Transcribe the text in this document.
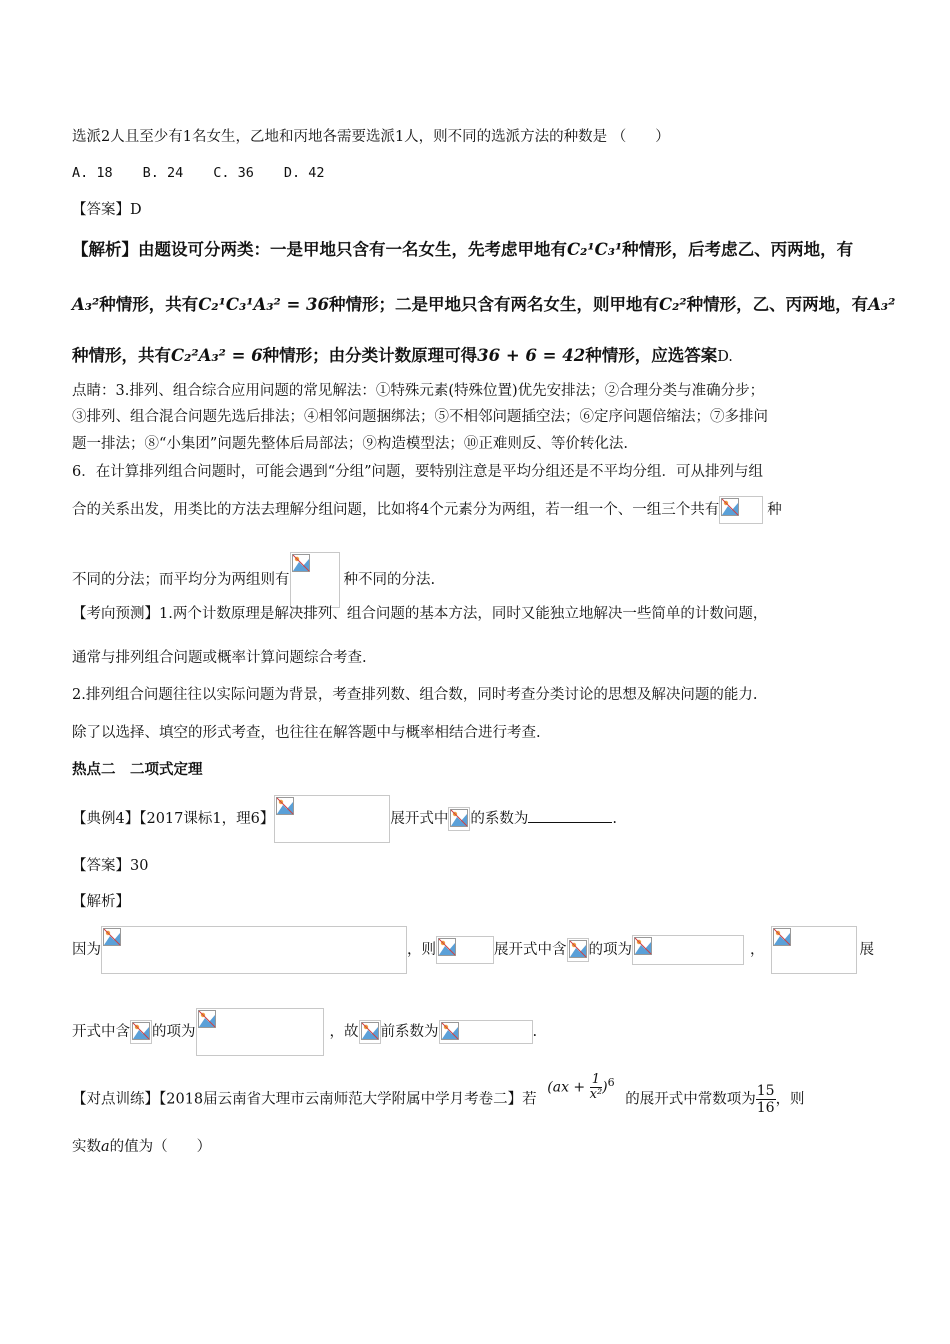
选派2人且至少有1名女生，乙地和丙地各需要选派1人，则不同的选派方法的种数是 （　　）
A. 18 B. 24 C. 36 D. 42
【答案】D
【解析】由题设可分两类：一是甲地只含有一名女生，先考虑甲地有C₂¹C₃¹种情形，后考虑乙、丙两地，有
A₃²种情形，共有C₂¹C₃¹A₃² = 36种情形；二是甲地只含有两名女生，则甲地有C₂²种情形，乙、丙两地，有A₃²
种情形，共有C₂²A₃² = 6种情形；由分类计数原理可得36 + 6 = 42种情形，应选答案D.
点睛：3.排列、组合综合应用问题的常见解法：①特殊元素(特殊位置)优先安排法；②合理分类与准确分步；
③排列、组合混合问题先选后排法；④相邻问题捆绑法；⑤不相邻问题插空法；⑥定序问题倍缩法；⑦多排问
题一排法；⑧“小集团”问题先整体后局部法；⑨构造模型法；⑩正难则反、等价转化法.
6．在计算排列组合问题时，可能会遇到“分组”问题，要特别注意是平均分组还是不平均分组．可从排列与组
合的关系出发，用类比的方法去理解分组问题，比如将4个元素分为两组，若一组一个、一组三个共有	种
不同的分法；而平均分为两组则有	种不同的分法.
【考向预测】1.两个计数原理是解决排列、组合问题的基本方法，同时又能独立地解决一些简单的计数问题，
通常与排列组合问题或概率计算问题综合考查.
2.排列组合问题往往以实际问题为背景，考查排列数、组合数，同时考查分类讨论的思想及解决问题的能力.
除了以选择、填空的形式考查，也往往在解答题中与概率相结合进行考查.
热点二　二项式定理
【典例4】【2017课标1，理6】	展开式中 的系数为	.
【答案】30
【解析】
因为	，则	展开式中含 的项为	，	展
开式中含 的项为	，故 前系数为	.
【对点训练】【2018届云南省大理市云南师范大学附属中学月考卷二】若 $(ax + \frac{1}{\text{x²}} )^6$ 的展开式中常数项为 $\frac{15}{16}$ ，则
实数a的值为（　　）
